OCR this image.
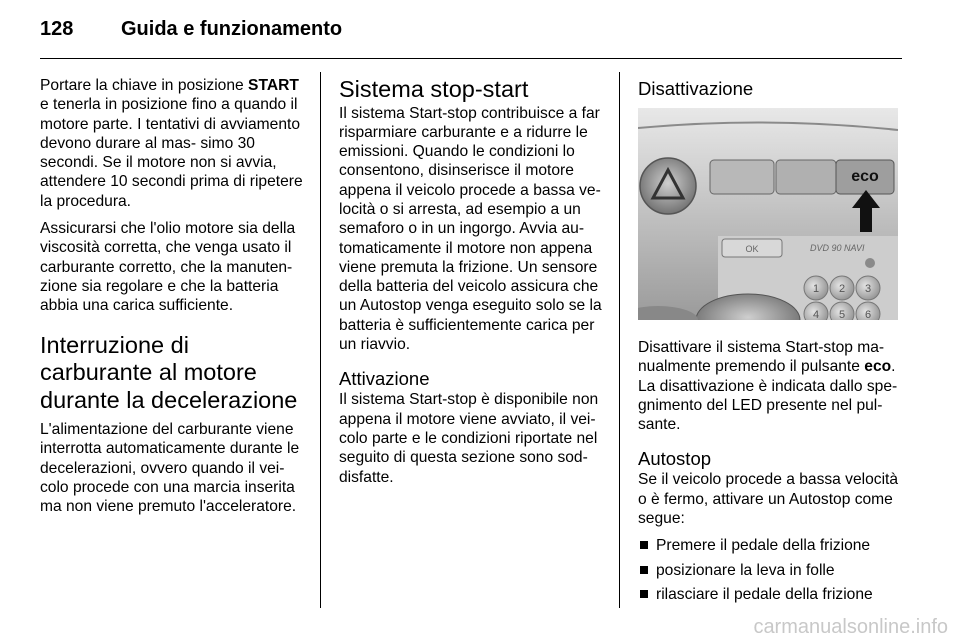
128 Guida e funzionamento

Portare la chiave in posizione START e tenerla in posizione fino a quando il motore parte. I tentativi di avviamento devono durare al mas- simo 30 secondi. Se il motore non si avvia, attendere 10 secondi prima di ripetere la procedura.

Assicurarsi che l'olio motore sia della viscosità corretta, che venga usato il carburante corretto, che la manuten- zione sia regolare e che la batteria abbia una carica sufficiente.

Interruzione di carburante al motore durante la decelerazione

L'alimentazione del carburante viene interrotta automaticamente durante le decelerazioni, ovvero quando il vei- colo procede con una marcia inserita ma non viene premuto l'acceleratore.

Sistema stop-start

Il sistema Start-stop contribuisce a far risparmiare carburante e a ridurre le emissioni. Quando le condizioni lo consentono, disinserisce il motore appena il veicolo procede a bassa ve- locità o si arresta, ad esempio a un semaforo o in un ingorgo. Avvia au- tomaticamente il motore non appena viene premuta la frizione. Un sensore della batteria del veicolo assicura che un Autostop venga eseguito solo se la batteria è sufficientemente carica per un riavvio.

Attivazione

Il sistema Start-stop è disponibile non appena il motore viene avviato, il vei- colo parte e le condizioni riportate nel seguito di questa sezione sono sod- disfatte.

Disattivazione
eco
OK	DVD 90 NAVI
1 2 3
4 5 6

Disattivare il sistema Start-stop ma- nualmente premendo il pulsante eco. La disattivazione è indicata dallo spe- gnimento del LED presente nel pul- sante.

Autostop

Se il veicolo procede a bassa velocità o è fermo, attivare un Autostop come segue:

Premere il pedale della frizione
posizionare la leva in folle
rilasciare il pedale della frizione
carmanualsonline.info
